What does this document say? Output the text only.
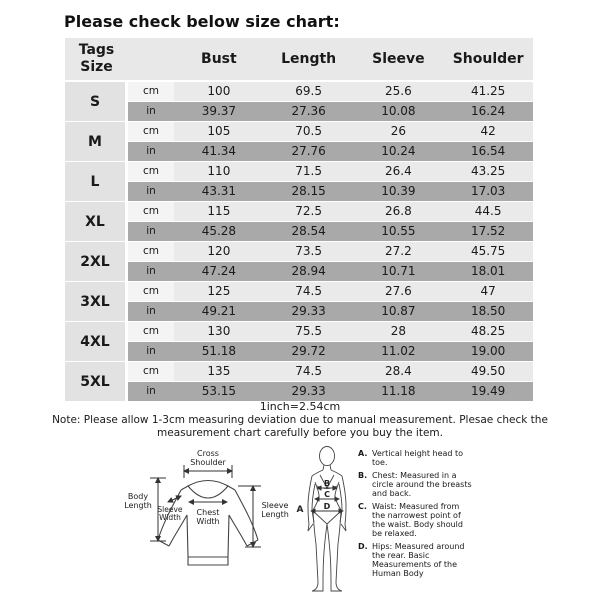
Please check below size chart:
Tags
Size	Bust	Length	Sleeve	Shoulder
S
cm	100	69.5	25.6	41.25
in	39.37	27.36	10.08	16.24
M
cm	105	70.5	26	42
in	41.34	27.76	10.24	16.54
L
cm	110	71.5	26.4	43.25
in	43.31	28.15	10.39	17.03
XL
cm	115	72.5	26.8	44.5
in	45.28	28.54	10.55	17.52
2XL
cm	120	73.5	27.2	45.75
in	47.24	28.94	10.71	18.01
3XL
cm	125	74.5	27.6	47
in	49.21	29.33	10.87	18.50
4XL
cm	130	75.5	28	48.25
in	51.18	29.72	11.02	19.00
5XL
cm	135	74.5	28.4	49.50
in	53.15	29.33	11.18	19.49
1inch=2.54cm
Note: Please allow 1-3cm measuring deviation due to manual measurement. Plesae check the
measurement chart carefully before you buy the item.
Cross
Shoulder
Body
Length Sleeve
Width
Chest
Width
Sleeve
Length
B
C
D
A
A. Vertical height head to toe.
B. Chest: Measured in a circle around the breasts and back.
C. Waist: Measured from the narrowest point of the waist. Body should be relaxed.
D. Hips: Measured around the rear. Basic Measurements of the Human Body
